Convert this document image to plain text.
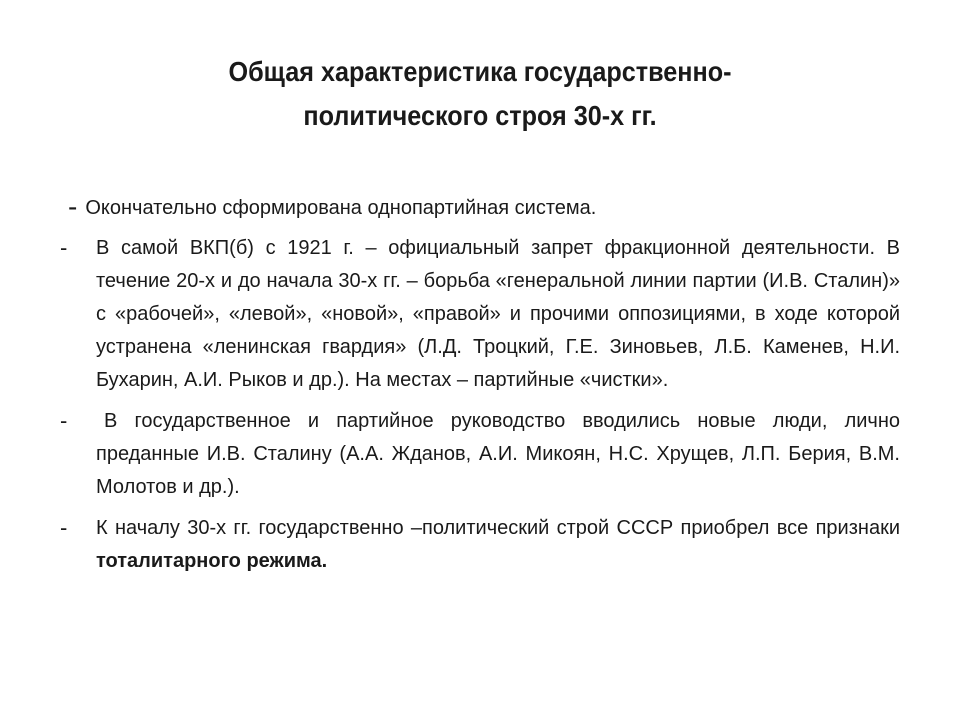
Общая характеристика государственно-
политического строя 30-х гг.
- Окончательно сформирована однопартийная система.
- В самой ВКП(б) с 1921 г. – официальный запрет фракционной деятельности. В течение 20-х и до начала 30-х гг. – борьба «генеральной линии партии (И.В. Сталин)» с «рабочей», «левой», «новой», «правой» и прочими оппозициями, в ходе которой устранена «ленинская гвардия» (Л.Д. Троцкий, Г.Е. Зиновьев, Л.Б. Каменев, Н.И. Бухарин, А.И. Рыков и др.). На местах – партийные «чистки».
- В государственное и партийное руководство вводились новые люди, лично преданные И.В. Сталину (А.А. Жданов, А.И. Микоян, Н.С. Хрущев, Л.П. Берия, В.М. Молотов и др.).
- К началу 30-х гг. государственно –политический строй СССР приобрел все признаки тоталитарного режима.
